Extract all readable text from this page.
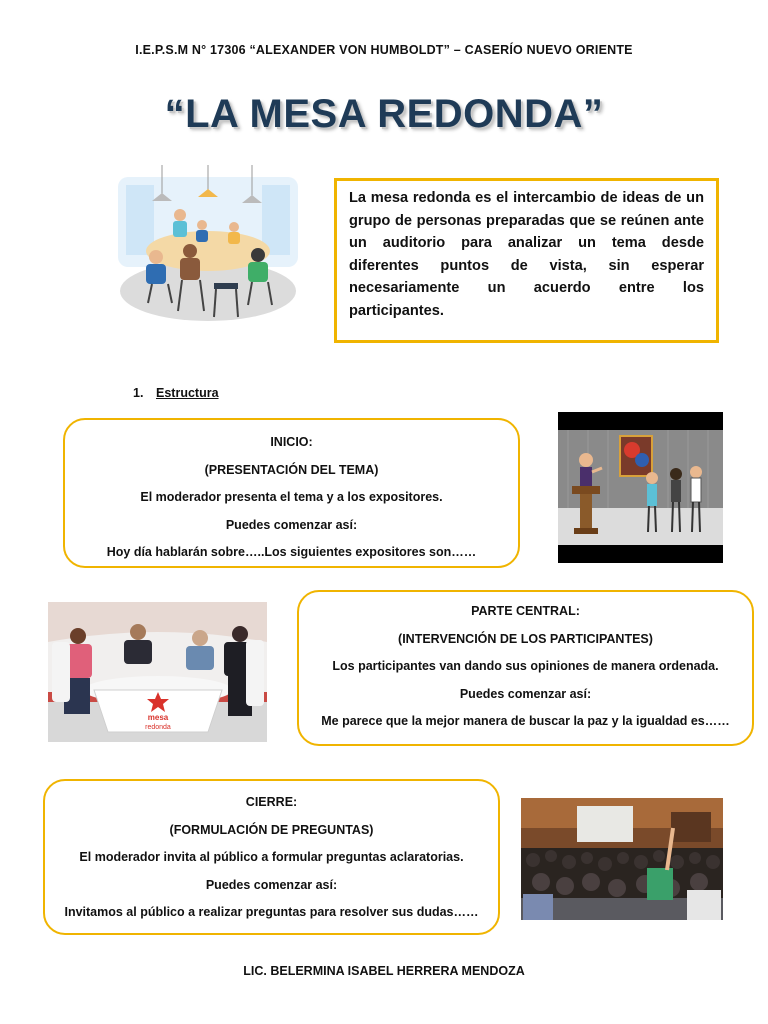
I.E.P.S.M N° 17306 “ALEXANDER VON HUMBOLDT” – CASERÍO NUEVO ORIENTE
“LA MESA REDONDA”
La mesa redonda es el intercambio de ideas de un grupo de personas preparadas que se reúnen ante un auditorio para analizar un tema desde diferentes puntos de vista, sin esperar necesariamente un acuerdo entre los participantes.
1. Estructura
INICIO:
(PRESENTACIÓN DEL TEMA)
El moderador presenta el tema y a los expositores.
Puedes comenzar así:
Hoy día hablarán sobre…..Los siguientes expositores son……
mesa
redonda
PARTE CENTRAL:
(INTERVENCIÓN DE LOS PARTICIPANTES)
Los participantes van dando sus opiniones de manera ordenada.
Puedes comenzar así:
Me parece que la mejor manera de buscar la paz y la igualdad es……
CIERRE:
(FORMULACIÓN DE PREGUNTAS)
El moderador invita al público a formular preguntas aclaratorias.
Puedes comenzar así:
Invitamos al público a realizar preguntas para resolver sus dudas……
LIC. BELERMINA ISABEL HERRERA MENDOZA
